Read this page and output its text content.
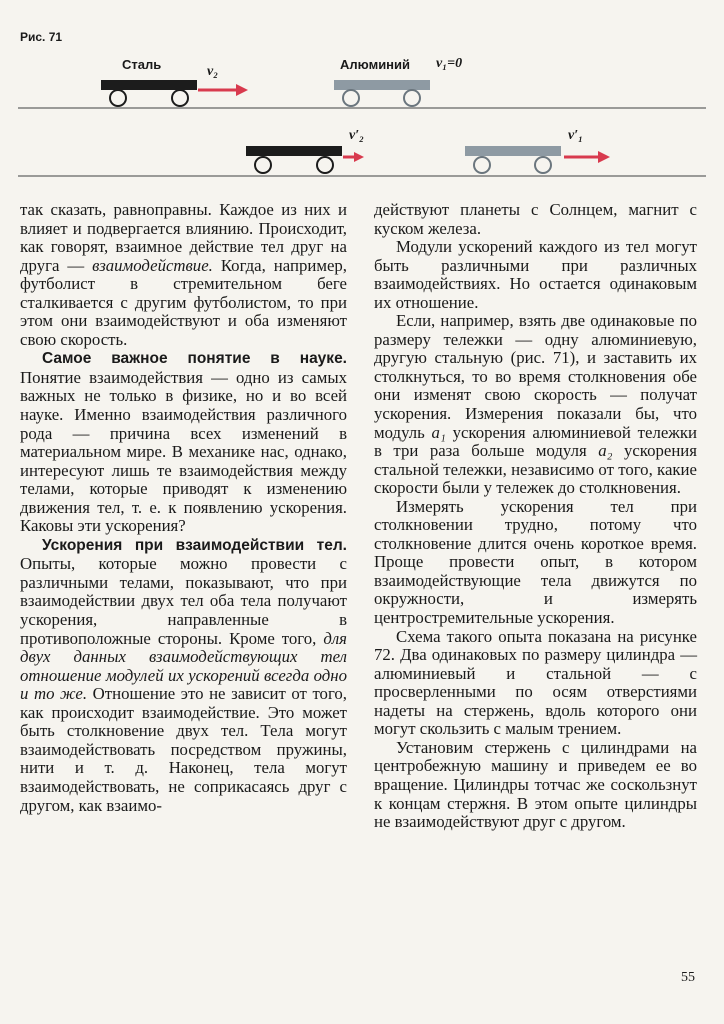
Рис. 71
Сталь	Алюминий
v₂
v₁=0
v′₂	v′₁

так сказать, равноправны. Каждое из них и влияет и подвергается влиянию. Происходит, как говорят, взаимное действие тел друг на друга — взаимодействие. Когда, например, футболист в стремительном беге сталкивается с другим футболистом, то при этом они взаимодействуют и оба изменяют свою скорость.

Самое важное понятие в науке. Понятие взаимодействия — одно из самых важных не только в физике, но и во всей науке. Именно взаимодействия различного рода — причина всех изменений в материальном мире. В механике нас, однако, интересуют лишь те взаимодействия между телами, которые приводят к изменению движения тел, т. е. к появлению ускорения. Каковы эти ускорения?

Ускорения при взаимодействии тел. Опыты, которые можно провести с различными телами, показывают, что при взаимодействии двух тел оба тела получают ускорения, направленные в противоположные стороны. Кроме того, для двух данных взаимодействующих тел отношение модулей их ускорений всегда одно и то же. Отношение это не зависит от того, как происходит взаимодействие. Это может быть столкновение двух тел. Тела могут взаимодействовать посредством пружины, нити и т. д. Наконец, тела могут взаимодействовать, не соприкасаясь друг с другом, как взаимо-

действуют планеты с Солнцем, магнит с куском железа.

Модули ускорений каждого из тел могут быть различными при различных взаимодействиях. Но остается одинаковым их отношение.

Если, например, взять две одинаковые по размеру тележки — одну алюминиевую, другую стальную (рис. 71), и заставить их столкнуться, то во время столкновения обе они изменят свою скорость — получат ускорения. Измерения показали бы, что модуль a₁ ускорения алюминиевой тележки в три раза больше модуля a₂ ускорения стальной тележки, независимо от того, какие скорости были у тележек до столкновения.

Измерять ускорения тел при столкновении трудно, потому что столкновение длится очень короткое время. Проще провести опыт, в котором взаимодействующие тела движутся по окружности, и измерять центростремительные ускорения.

Схема такого опыта показана на рисунке 72. Два одинаковых по размеру цилиндра — алюминиевый и стальной — с просверленными по осям отверстиями надеты на стержень, вдоль которого они могут скользить с малым трением.

Установим стержень с цилиндрами на центробежную машину и приведем ее во вращение. Цилиндры тотчас же соскользнут к концам стержня. В этом опыте цилиндры не взаимодействуют друг с другом.

55
